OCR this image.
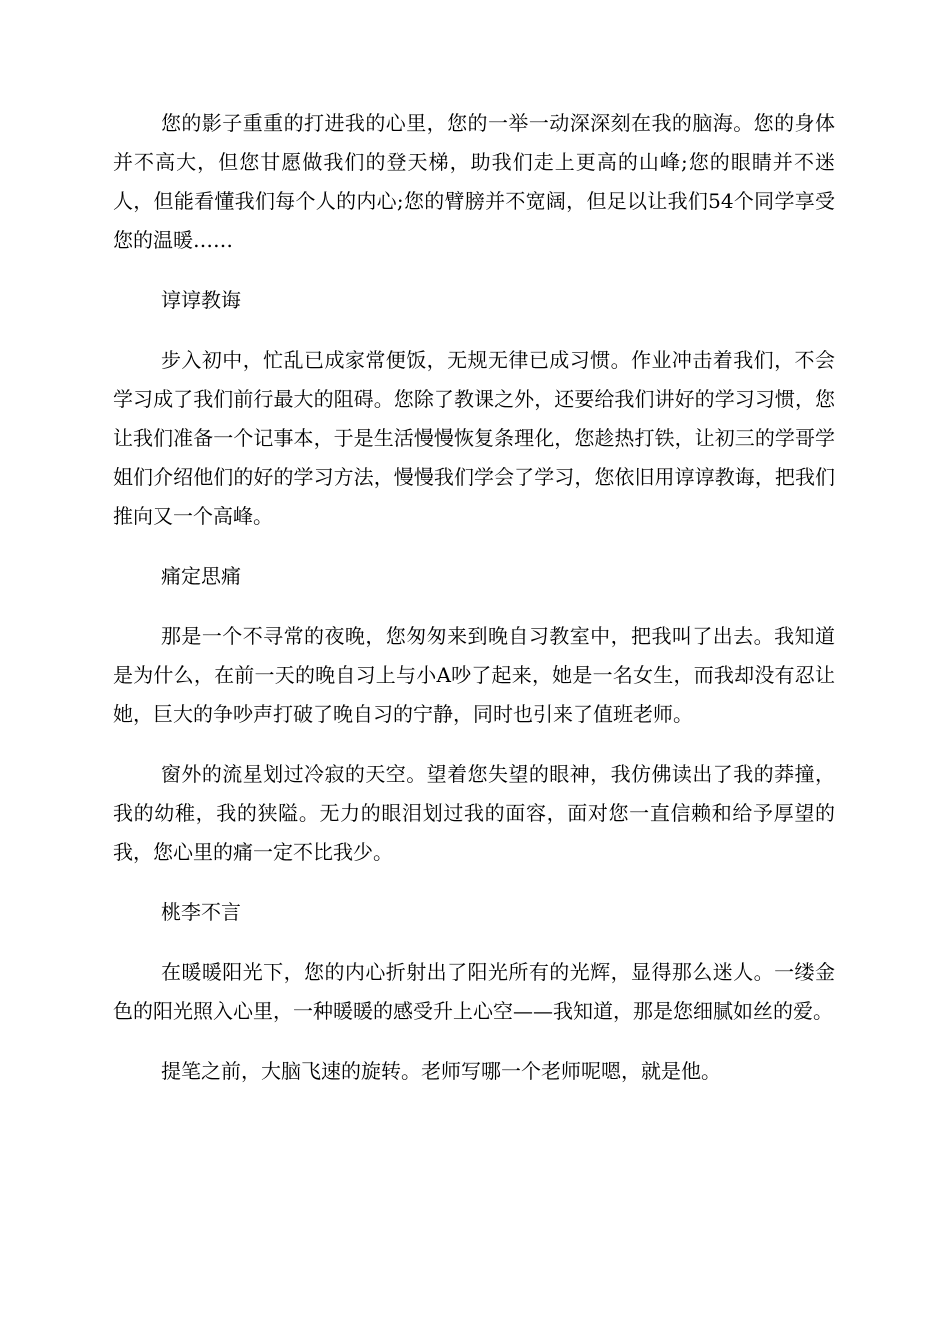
您的影子重重的打进我的心里，您的一举一动深深刻在我的脑海。您的身体并不高大，但您甘愿做我们的登天梯，助我们走上更高的山峰;您的眼睛并不迷人，但能看懂我们每个人的内心;您的臂膀并不宽阔，但足以让我们54个同学享受您的温暖……

谆谆教诲

步入初中，忙乱已成家常便饭，无规无律已成习惯。作业冲击着我们，不会学习成了我们前行最大的阻碍。您除了教课之外，还要给我们讲好的学习习惯，您让我们准备一个记事本，于是生活慢慢恢复条理化，您趁热打铁，让初三的学哥学姐们介绍他们的好的学习方法，慢慢我们学会了学习，您依旧用谆谆教诲，把我们推向又一个高峰。

痛定思痛

那是一个不寻常的夜晚，您匆匆来到晚自习教室中，把我叫了出去。我知道是为什么，在前一天的晚自习上与小A吵了起来，她是一名女生，而我却没有忍让她，巨大的争吵声打破了晚自习的宁静，同时也引来了值班老师。

窗外的流星划过冷寂的天空。望着您失望的眼神，我仿佛读出了我的莽撞，我的幼稚，我的狭隘。无力的眼泪划过我的面容，面对您一直信赖和给予厚望的我，您心里的痛一定不比我少。

桃李不言

在暖暖阳光下，您的内心折射出了阳光所有的光辉，显得那么迷人。一缕金色的阳光照入心里，一种暖暖的感受升上心空——我知道，那是您细腻如丝的爱。

提笔之前，大脑飞速的旋转。老师写哪一个老师呢嗯，就是他。
